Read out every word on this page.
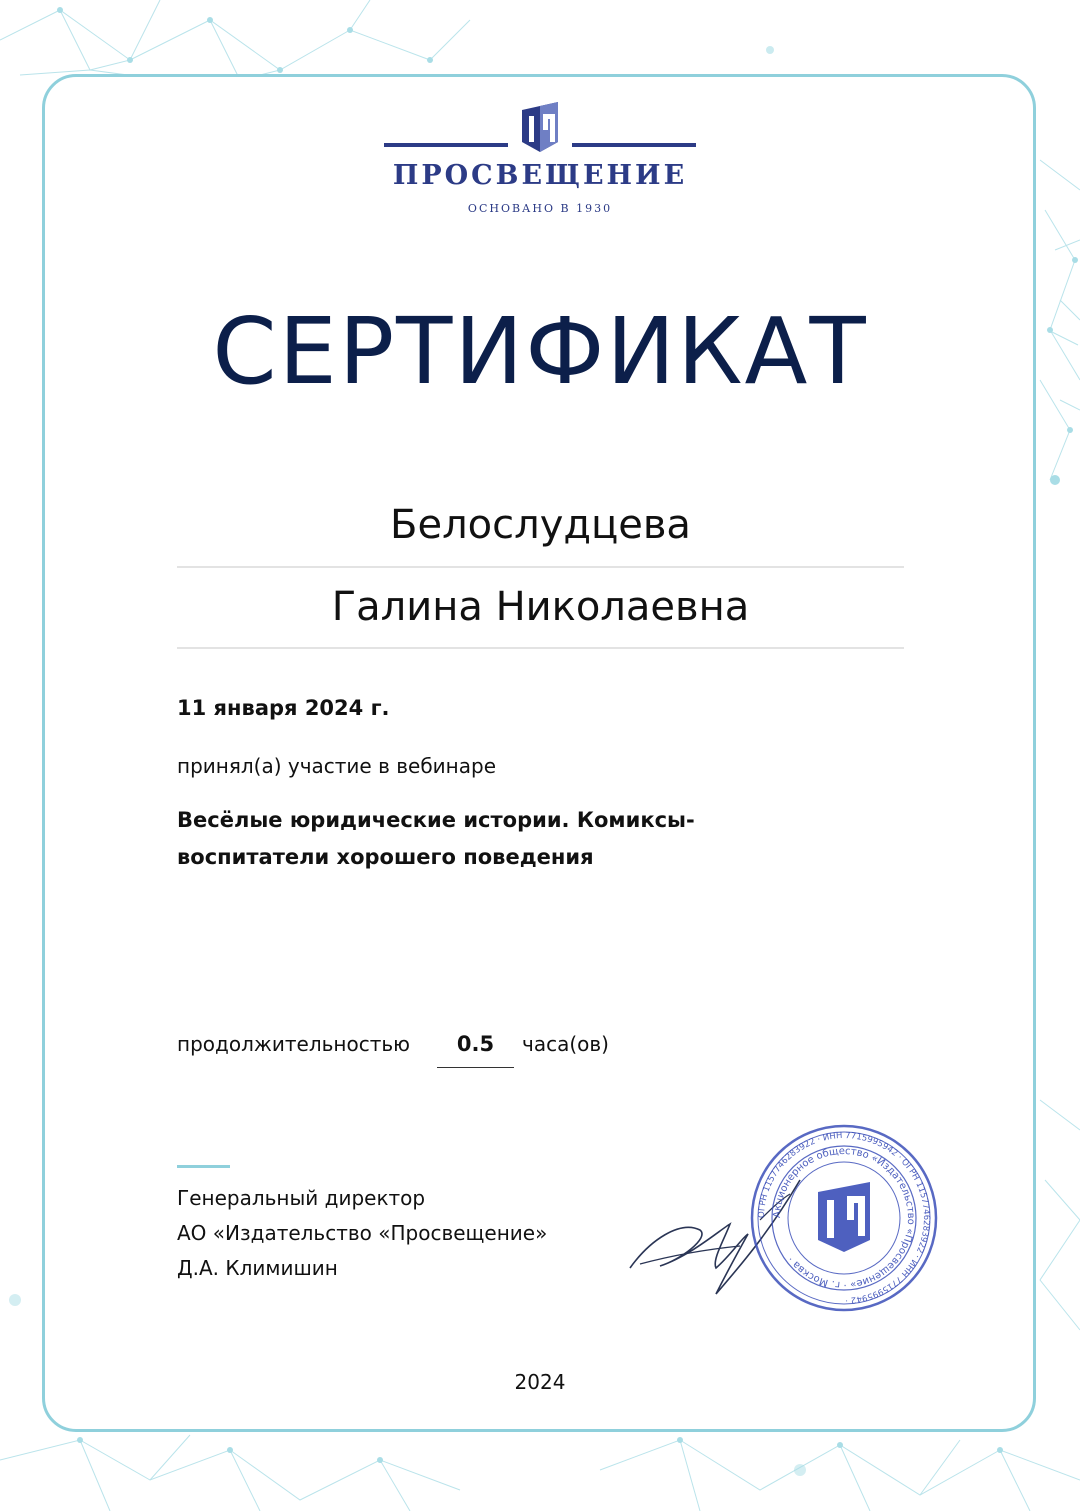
ПРОСВЕЩЕНИЕ
ОСНОВАНО В 1930
СЕРТИФИКАТ
Белослудцева
Галина Николаевна
11 января 2024 г.
принял(а) участие в вебинаре
Весёлые юридические истории. Комиксы-
воспитатели хорошего поведения
продолжительностью	0.5	часа(ов)
Генеральный директор
АО «Издательство «Просвещение»
Д.А. Климишин
ОГРН 1157746283922 · ИНН 7715995942 · ОГРН 1157746283922 · ИНН 7715995942 ·
Акционерное общество «Издательство «Просвещение» · г. Москва ·
2024
